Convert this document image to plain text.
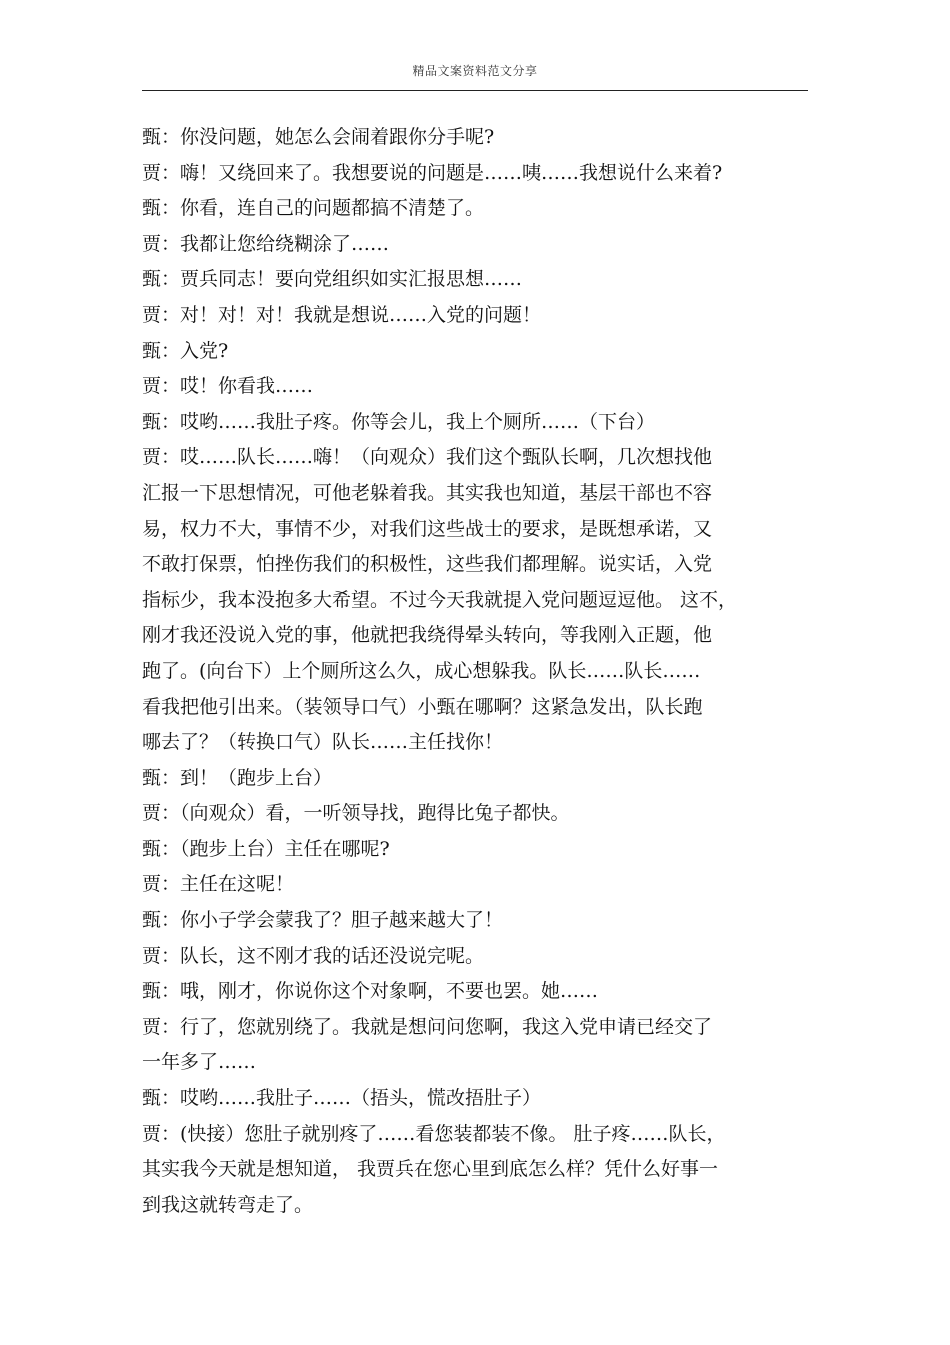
精品文案资料范文分享
甄：你没问题，她怎么会闹着跟你分手呢?
贾：嗨！又绕回来了。我想要说的问题是……咦……我想说什么来着?
甄：你看，连自己的问题都搞不清楚了。
贾：我都让您给绕糊涂了……
甄：贾兵同志！要向党组织如实汇报思想……
贾：对！对！对！我就是想说……入党的问题！
甄：入党?
贾：哎！你看我……
甄：哎哟……我肚子疼。你等会儿，我上个厕所……（下台）
贾：哎……队长……嗨！（向观众）我们这个甄队长啊，几次想找他
汇报一下思想情况，可他老躲着我。其实我也知道，基层干部也不容
易，权力不大，事情不少，对我们这些战士的要求，是既想承诺，又
不敢打保票，怕挫伤我们的积极性，这些我们都理解。说实话，入党
指标少，我本没抱多大希望。不过今天我就提入党问题逗逗他。 这不，
刚才我还没说入党的事，他就把我绕得晕头转向，等我刚入正题，他
跑了。(向台下）上个厕所这么久，成心想躲我。队长……队长……
看我把他引出来。（装领导口气）小甄在哪啊？这紧急发出，队长跑
哪去了？（转换口气）队长……主任找你！
甄：到！（跑步上台）
贾：（向观众）看，一听领导找，跑得比兔子都快。
甄：（跑步上台）主任在哪呢?
贾：主任在这呢！
甄：你小子学会蒙我了？胆子越来越大了！
贾：队长，这不刚才我的话还没说完呢。
甄：哦，刚才，你说你这个对象啊，不要也罢。她……
贾：行了，您就别绕了。我就是想问问您啊，我这入党申请已经交了
一年多了……
甄：哎哟……我肚子……（捂头，慌改捂肚子）
贾：(快接）您肚子就别疼了……看您装都装不像。 肚子疼……队长，
其实我今天就是想知道， 我贾兵在您心里到底怎么样？凭什么好事一
到我这就转弯走了。
